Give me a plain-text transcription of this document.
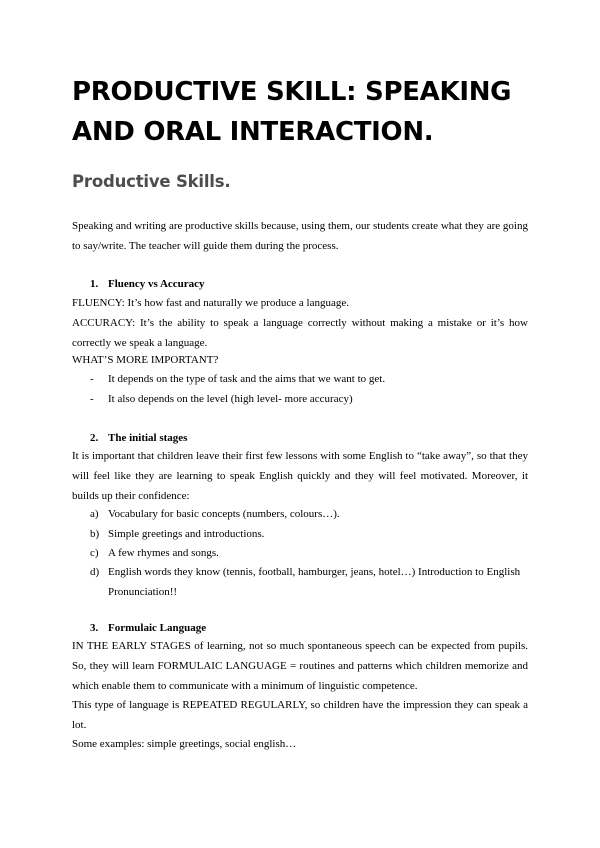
PRODUCTIVE SKILL: SPEAKING AND ORAL INTERACTION.
Productive Skills.
Speaking and writing are productive skills because, using them, our students create what they are going to say/write. The teacher will guide them during the process.
1. Fluency vs Accuracy
FLUENCY: It’s how fast and naturally we produce a language.
ACCURACY: It’s the ability to speak a language correctly without making a mistake or it’s how correctly we speak a language.
WHAT’S MORE IMPORTANT?
- It depends on the type of task and the aims that we want to get.
- It also depends on the level (high level- more accuracy)
2. The initial stages
It is important that children leave their first few lessons with some English to “take away”, so that they will feel like they are learning to speak English quickly and they will feel motivated. Moreover, it builds up their confidence:
a) Vocabulary for basic concepts (numbers, colours…).
b) Simple greetings and introductions.
c) A few rhymes and songs.
d) English words they know (tennis, football, hamburger, jeans, hotel…) Introduction to English Pronunciation!!
3. Formulaic Language
IN THE EARLY STAGES of learning, not so much spontaneous speech can be expected from pupils. So, they will learn FORMULAIC LANGUAGE = routines and patterns which children memorize and which enable them to communicate with a minimum of linguistic competence.
This type of language is REPEATED REGULARLY, so children have the impression they can speak a lot.
Some examples: simple greetings, social english…
